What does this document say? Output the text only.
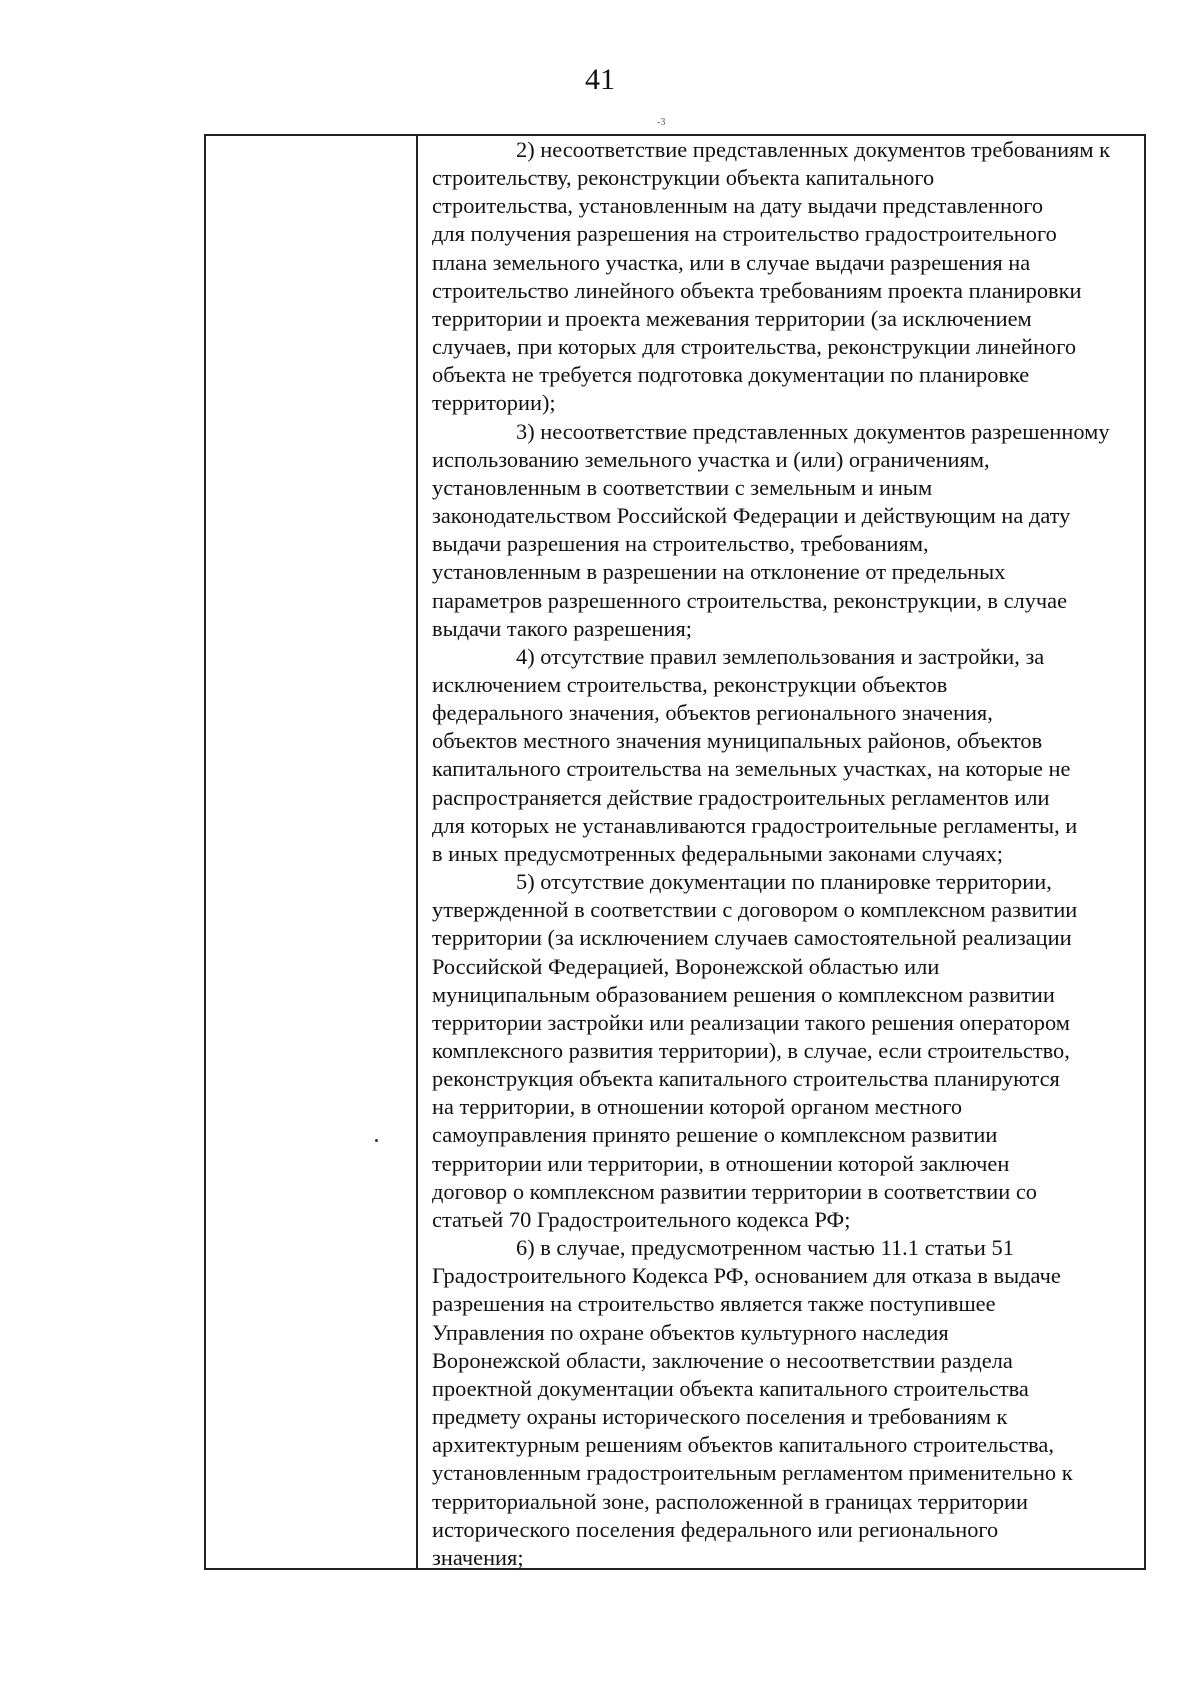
41
-3

2) несоответствие представленных документов требованиям к
строительству, реконструкции объекта капитального
строительства, установленным на дату выдачи представленного
для получения разрешения на строительство градостроительного
плана земельного участка, или в случае выдачи разрешения на
строительство линейного объекта требованиям проекта планировки
территории и проекта межевания территории (за исключением
случаев, при которых для строительства, реконструкции линейного
объекта не требуется подготовка документации по планировке
территории);

3) несоответствие представленных документов разрешенному
использованию земельного участка и (или) ограничениям,
установленным в соответствии с земельным и иным
законодательством Российской Федерации и действующим на дату
выдачи разрешения на строительство, требованиям,
установленным в разрешении на отклонение от предельных
параметров разрешенного строительства, реконструкции, в случае
выдачи такого разрешения;

4) отсутствие правил землепользования и застройки, за
исключением строительства, реконструкции объектов
федерального значения, объектов регионального значения,
объектов местного значения муниципальных районов, объектов
капитального строительства на земельных участках, на которые не
распространяется действие градостроительных регламентов или
для которых не устанавливаются градостроительные регламенты, и
в иных предусмотренных федеральными законами случаях;

5) отсутствие документации по планировке территории,
утвержденной в соответствии с договором о комплексном развитии
территории (за исключением случаев самостоятельной реализации
Российской Федерацией, Воронежской областью или
муниципальным образованием решения о комплексном развитии
территории застройки или реализации такого решения оператором
комплексного развития территории), в случае, если строительство,
реконструкция объекта капитального строительства планируются
на территории, в отношении которой органом местного
самоуправления принято решение о комплексном развитии
территории или территории, в отношении которой заключен
договор о комплексном развитии территории в соответствии со
статьей 70 Градостроительного кодекса РФ;

6) в случае, предусмотренном частью 11.1 статьи 51
Градостроительного Кодекса РФ, основанием для отказа в выдаче
разрешения на строительство является также поступившее
Управления по охране объектов культурного наследия
Воронежской области, заключение о несоответствии раздела
проектной документации объекта капитального строительства
предмету охраны исторического поселения и требованиям к
архитектурным решениям объектов капитального строительства,
установленным градостроительным регламентом применительно к
территориальной зоне, расположенной в границах территории
исторического поселения федерального или регионального
значения;
